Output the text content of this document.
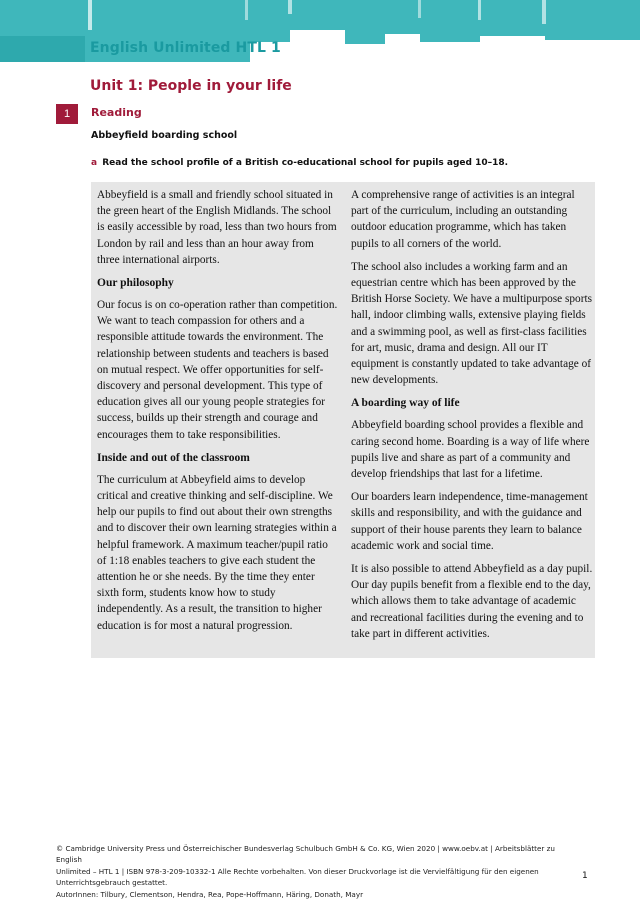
English Unlimited HTL 1
Unit 1: People in your life
1	Reading
Abbeyfield boarding school
a Read the school profile of a British co-educational school for pupils aged 10–18.

Abbeyfield is a small and friendly school situated in the green heart of the English Midlands. The school is easily accessible by road, less than two hours from London by rail and less than an hour away from three international airports.

Our philosophy

Our focus is on co-operation rather than competition. We want to teach compassion for others and a responsible attitude towards the environment. The relationship between students and teachers is based on mutual respect. We offer opportunities for self-discovery and personal development. This type of education gives all our young people strategies for success, builds up their strength and courage and encourages them to take responsibilities.

Inside and out of the classroom

The curriculum at Abbeyfield aims to develop critical and creative thinking and self-discipline. We help our pupils to find out about their own strengths and to discover their own learning strategies within a helpful framework. A maximum teacher/pupil ratio of 1:18 enables teachers to give each student the attention he or she needs. By the time they enter sixth form, students know how to study independently. As a result, the transition to higher education is for most a natural progression.

A comprehensive range of activities is an integral part of the curriculum, including an outstanding outdoor education programme, which has taken pupils to all corners of the world.

The school also includes a working farm and an equestrian centre which has been approved by the British Horse Society. We have a multipurpose sports hall, indoor climbing walls, extensive playing fields and a swimming pool, as well as first-class facilities for art, music, drama and design. All our IT equipment is constantly updated to take advantage of new developments.

A boarding way of life

Abbeyfield boarding school provides a flexible and caring second home. Boarding is a way of life where pupils live and share as part of a community and develop friendships that last for a lifetime.

Our boarders learn independence, time-management skills and responsibility, and with the guidance and support of their house parents they learn to balance academic work and social time.

It is also possible to attend Abbeyfield as a day pupil. Our day pupils benefit from a flexible end to the day, which allows them to take advantage of academic and recreational facilities during the evening and to take part in different activities.

© Cambridge University Press und Österreichischer Bundesverlag Schulbuch GmbH & Co. KG, Wien 2020 | www.oebv.at | Arbeitsblätter zu English
Unlimited – HTL 1 | ISBN 978-3-209-10332-1 Alle Rechte vorbehalten. Von dieser Druckvorlage ist die Vervielfältigung für den eigenen
Unterrichtsgebrauch gestattet.
AutorInnen: Tilbury, Clementson, Hendra, Rea, Pope-Hoffmann, Häring, Donath, Mayr
1
